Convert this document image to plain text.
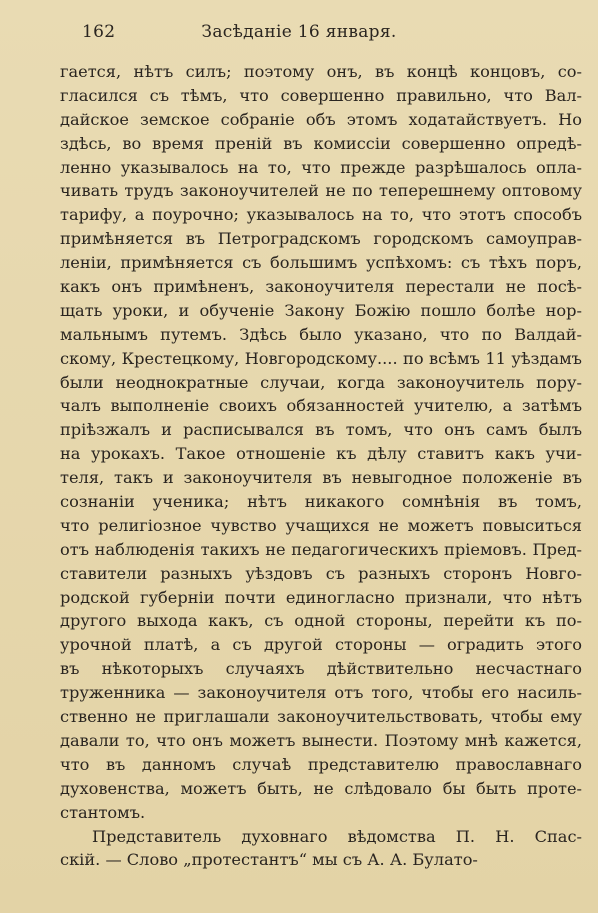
162	Засѣданіе 16 января.
гается, нѣтъ силъ; поэтому онъ, въ концѣ концовъ, со-
гласился съ тѣмъ, что совершенно правильно, что Вал-
дайское земское собраніе объ этомъ ходатайствуетъ. Но
здѣсь, во время преній въ комиссіи совершенно опредѣ-
ленно указывалось на то, что прежде разрѣшалось опла-
чивать трудъ законоучителей не по теперешнему оптовому
тарифу, а поурочно; указывалось на то, что этотъ способъ
примѣняется въ Петроградскомъ городскомъ самоуправ-
леніи, примѣняется съ большимъ успѣхомъ: съ тѣхъ поръ,
какъ онъ примѣненъ, законоучителя перестали не посѣ-
щать уроки, и обученіе Закону Божію пошло болѣе нор-
мальнымъ путемъ. Здѣсь было указано, что по Валдай-
скому, Крестецкому, Новгородскому.... по всѣмъ 11 уѣздамъ
были неоднократные случаи, когда законоучитель пору-
чалъ выполненіе своихъ обязанностей учителю, а затѣмъ
пріѣзжалъ и расписывался въ томъ, что онъ самъ былъ
на урокахъ. Такое отношеніе къ дѣлу ставитъ какъ учи-
теля, такъ и законоучителя въ невыгодное положеніе въ
сознаніи ученика; нѣтъ никакого сомнѣнія въ томъ,
что религіозное чувство учащихся не можетъ повыситься
отъ наблюденія такихъ не педагогическихъ пріемовъ. Пред-
ставители разныхъ уѣздовъ съ разныхъ сторонъ Новго-
родской губерніи почти единогласно признали, что нѣтъ
другого выхода какъ, съ одной стороны, перейти къ по-
урочной платѣ, а съ другой стороны — оградить этого
въ нѣкоторыхъ случаяхъ дѣйствительно несчастнаго
труженника — законоучителя отъ того, чтобы его насиль-
ственно не приглашали законоучительствовать, чтобы ему
давали то, что онъ можетъ вынести. Поэтому мнѣ кажется,
что въ данномъ случаѣ представителю православнаго
духовенства, можетъ быть, не слѣдовало бы быть проте-
стантомъ.
Представитель духовнаго вѣдомства П. Н. Спас-
скій. — Слово „протестантъ“ мы съ А. А. Булато-
